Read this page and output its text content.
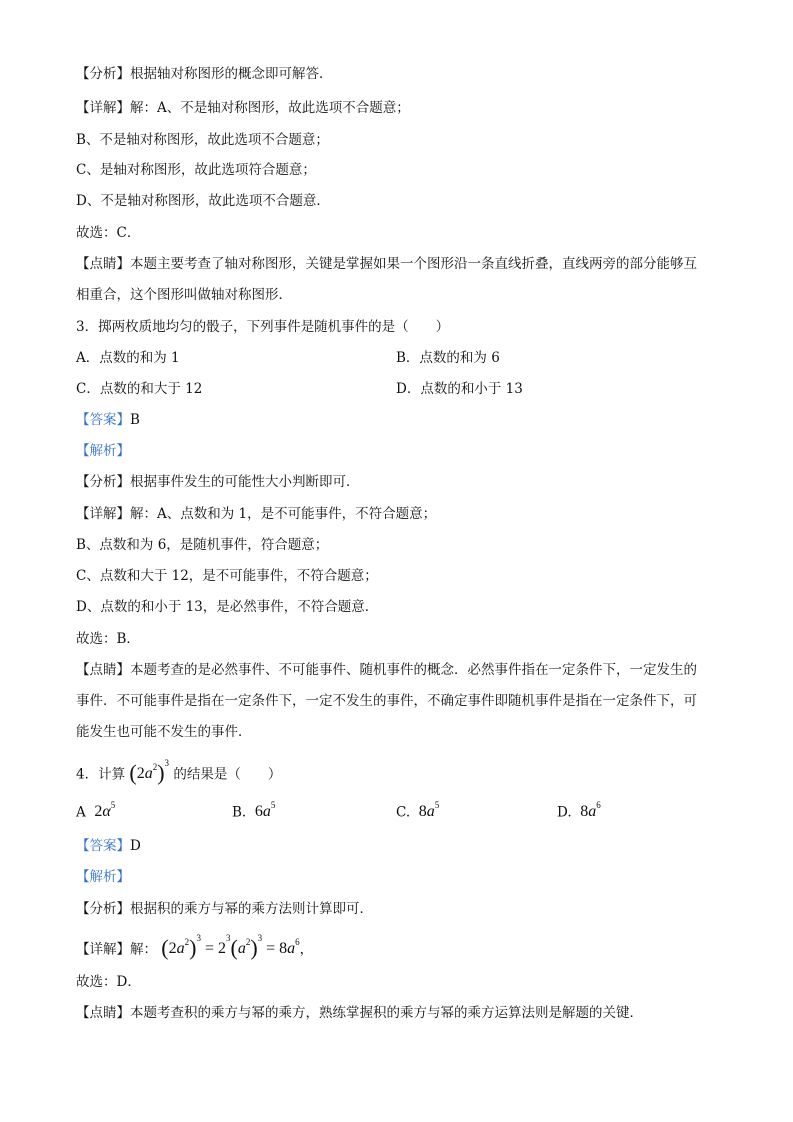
【分析】根据轴对称图形的概念即可解答．
【详解】解：A、不是轴对称图形，故此选项不合题意；
B、不是轴对称图形，故此选项不合题意；
C、是轴对称图形，故此选项符合题意；
D、不是轴对称图形，故此选项不合题意．
故选：C．
【点睛】本题主要考查了轴对称图形，关键是掌握如果一个图形沿一条直线折叠，直线两旁的部分能够互
相重合，这个图形叫做轴对称图形．
3．掷两枚质地均匀的骰子，下列事件是随机事件的是（　　）
A．点数的和为 1	B．点数的和为 6
C．点数的和大于 12	D．点数的和小于 13
【答案】B
【解析】
【分析】根据事件发生的可能性大小判断即可．
【详解】解：A、点数和为 1，是不可能事件，不符合题意；
B、点数和为 6，是随机事件，符合题意；
C、点数和大于 12，是不可能事件，不符合题意；
D、点数的和小于 13，是必然事件，不符合题意．
故选：B．
【点睛】本题考查的是必然事件、不可能事件、随机事件的概念．必然事件指在一定条件下，一定发生的
事件．不可能事件是指在一定条件下，一定不发生的事件，不确定事件即随机事件是指在一定条件下，可
能发生也可能不发生的事件．
4．计算 $(2a^2)^3$ 的结果是（　　）
A $2\alpha^5$	B. $6a^5$	C. $8a^5$	D. $8a^6$
【答案】D
【解析】
【分析】根据积的乘方与幂的乘方法则计算即可．
【详解】解： $(2a^2)^3 = 2^3(a^2)^3 = 8a^6$，
故选：D．
【点睛】本题考查积的乘方与幂的乘方，熟练掌握积的乘方与幂的乘方运算法则是解题的关键．
